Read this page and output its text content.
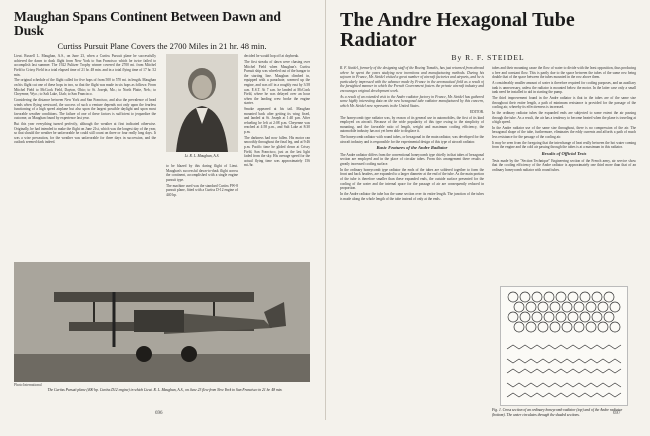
Maughan Spans Continent Between Dawn and Dusk
Curtiss Pursuit Plane Covers the 2700 Miles in 21 hr. 48 min.

Lieut. Russell L. Maughan, A.S., on June 23, when a Curtiss Pursuit plane he successfully achieved the dawn to dusk flight from New York to San Francisco which he twice failed to accomplish last summer. The 1922 Pulitzer Trophy winner covered the 2700 mi. from Mitchel Field to Crissy Field in a total elapsed time of 21 hr. 48 min. and in a total flying time of 17 hr. 52 min.

The original schedule of the flight called for five hops of from 500 to 570 mi. in length. Maughan on his flight cut one of these hops in two, so that the flight was made in six hops as follows: From Mitchel Field to McCook Field, Dayton, Ohio; to St. Joseph, Mo.; to North Platte, Neb.; to Cheyenne, Wyo.; to Salt Lake, Utah; to San Francisco.

Considering the distance between New York and San Francisco, and also the prevalence of head winds when flying westward, the success of such a venture depends not only upon the fearless functioning of a high speed airplane but also upon the largest possible daylight and upon most favorable weather conditions. The failure of one of these factors is sufficient to jeopardize the outcome, as Maughan found by experience last year.

But this year everything turned perfectly, although the weather at first indicated otherwise. Originally, he had intended to make the flight on June 21st, which was the longest day of the year, so that should the weather be unfavorable he could still count on three or four really long days. It was a wise precaution, for the weather was unfavorable for three days in succession, and the outlook seemed dark indeed.

Lt. R. L. Maughan, A.S.

decided he would hop off at daybreak.

The first streaks of dawn were chasing over Mitchel Field when Maughan's Curtiss Pursuit ship was wheeled out of the hangar to the starting line. Maughan climbed in, equipped with a parachute, warmed up the engine, and was off in a roughly east by 3:58 a.m. E.S.T. At 7 a.m. he landed at McCook Field, where he was delayed over an hour when the landing crew broke the engine starter.

Smoke appeared at his tail. Maughan mounted back after getting its wing fixed, and landed at St. Joseph at 1:40 p.m. After refueling he left at 2:08 p.m. Cheyenne was reached at 4:58 p.m., and Salt Lake at 8:30 p.m.

The darkness had now fallen. His motor ran smoothly throughout the final leg, and at 9:46 p.m. Pacific time he glided down at Crissy Field, San Francisco, just as the last light faded from the sky. His average speed for the actual flying time was approximately 156 mi./hr.

to be blazed by this daring flight of Lieut. Maughan's successful dawn-to-dusk flight across the continent, accomplished with a single engine pursuit type.

The machine used was the standard Curtiss PW-8 pursuit plane, fitted with a Curtiss D-12 engine of 440 hp.

Photo International
The Curtiss Pursuit plane (400 hp. Curtiss D12 engine) in which Lieut. R. L. Maughan, A.S., on June 23 flew from New York to San Francisco in 21 hr. 48 min.
696
The Andre Hexagonal Tube Radiator
By R. F. STEIDEL

R. F. Steidel, formerly of the designing staff of the Boeing Tomalis, has just returned from abroad where he spent the years studying new inventions and manufacturing methods. During his sojourn in France, Mr. Steidel visited a great number of aircraft factories and airports, and he is particularly impressed with the advance made by France in the aeronautical field as a result of the farsighted manner in which the French Government fosters the private aircraft industry and encourages original development work.

As a result of an extended visit to the Andre radiator factory in France, Mr. Steidel has gathered some highly interesting data on the new hexagonal tube radiator manufactured by this concern, which Mr. Steidel now represents in the United States.

EDITOR.

The honeycomb type radiator was, by reason of its general use in automobiles, the first of its kind employed on aircraft. Because of the wide popularity of this type owing to the simplicity of mounting, and the favorable ratio of length, weight and maximum cooling efficiency, the automobile industry has not yet been able to displace it.

The honeycomb radiator with round tubes, or hexagonal in the main radiator, was developed for the aircraft industry and is responsible for the experimental design of this type of aircraft radiator.

Basic Features of the Andre Radiator

The Andre radiator differs from the conventional honeycomb type chiefly in that tubes of hexagonal section are employed and in the place of circular tubes. From this arrangement there results a greatly increased cooling surface.

In the ordinary honeycomb type radiator the ends of the tubes are soldered together to form the front and back headers, are expanded to a larger diameter at the end of the tube. As the main portion of the tube is therefore smaller than these expanded ends, the outside surface presented for the cooling of the water and the internal space for the passage of air are consequently reduced in proportion.

In the Andre radiator the tube has the same section over its entire length. The junction of the tubes is made along the whole length of the tube instead of only at the ends.

tubes and their mounting cause the flow of water to divide with the least opposition, thus producing a free and constant flow. This is partly due to the space between the tubes of the same row being double that of the space between the tubes mounted in the row above them.

A considerably smaller amount of water is therefore required for cooling purposes, and an auxiliary tank is unnecessary, unless the radiator is mounted below the motor. In the latter case only a small tank need be installed to aid in starting the pump.

The third improvement found in the Andre radiator is that in the tubes are of the same size throughout their entire length, a path of minimum resistance is provided for the passage of the cooling air, whereby its effectiveness is increased.

In the ordinary radiator tubes the expanded ends are subjected to some extent the air passing through the tube. As a result, the air has a tendency to become heated when the plane is traveling at a high speed.

In the Andre radiator use of the same size throughout, there is no compression of the air. The hexagonal shape of the tube, furthermore, eliminates the eddy currents and affords a path of much less resistance for the passage of the cooling air.

It may be seen from the foregoing that the interchange of heat really between the hot water coming from the engine and the cold air passing through the tubes is at a maximum in this radiator.

Results of Official Tests

Tests made by the "Section Technique" Engineering section of the French army, air service show that the cooling efficiency of the Andre radiator is approximately one third more than that of an ordinary honeycomb radiator with round tubes.

Fig. 1. Cross section of an ordinary honeycomb radiator (top) and of the Andre radiator (bottom). The water circulates through the shaded sections.	697
